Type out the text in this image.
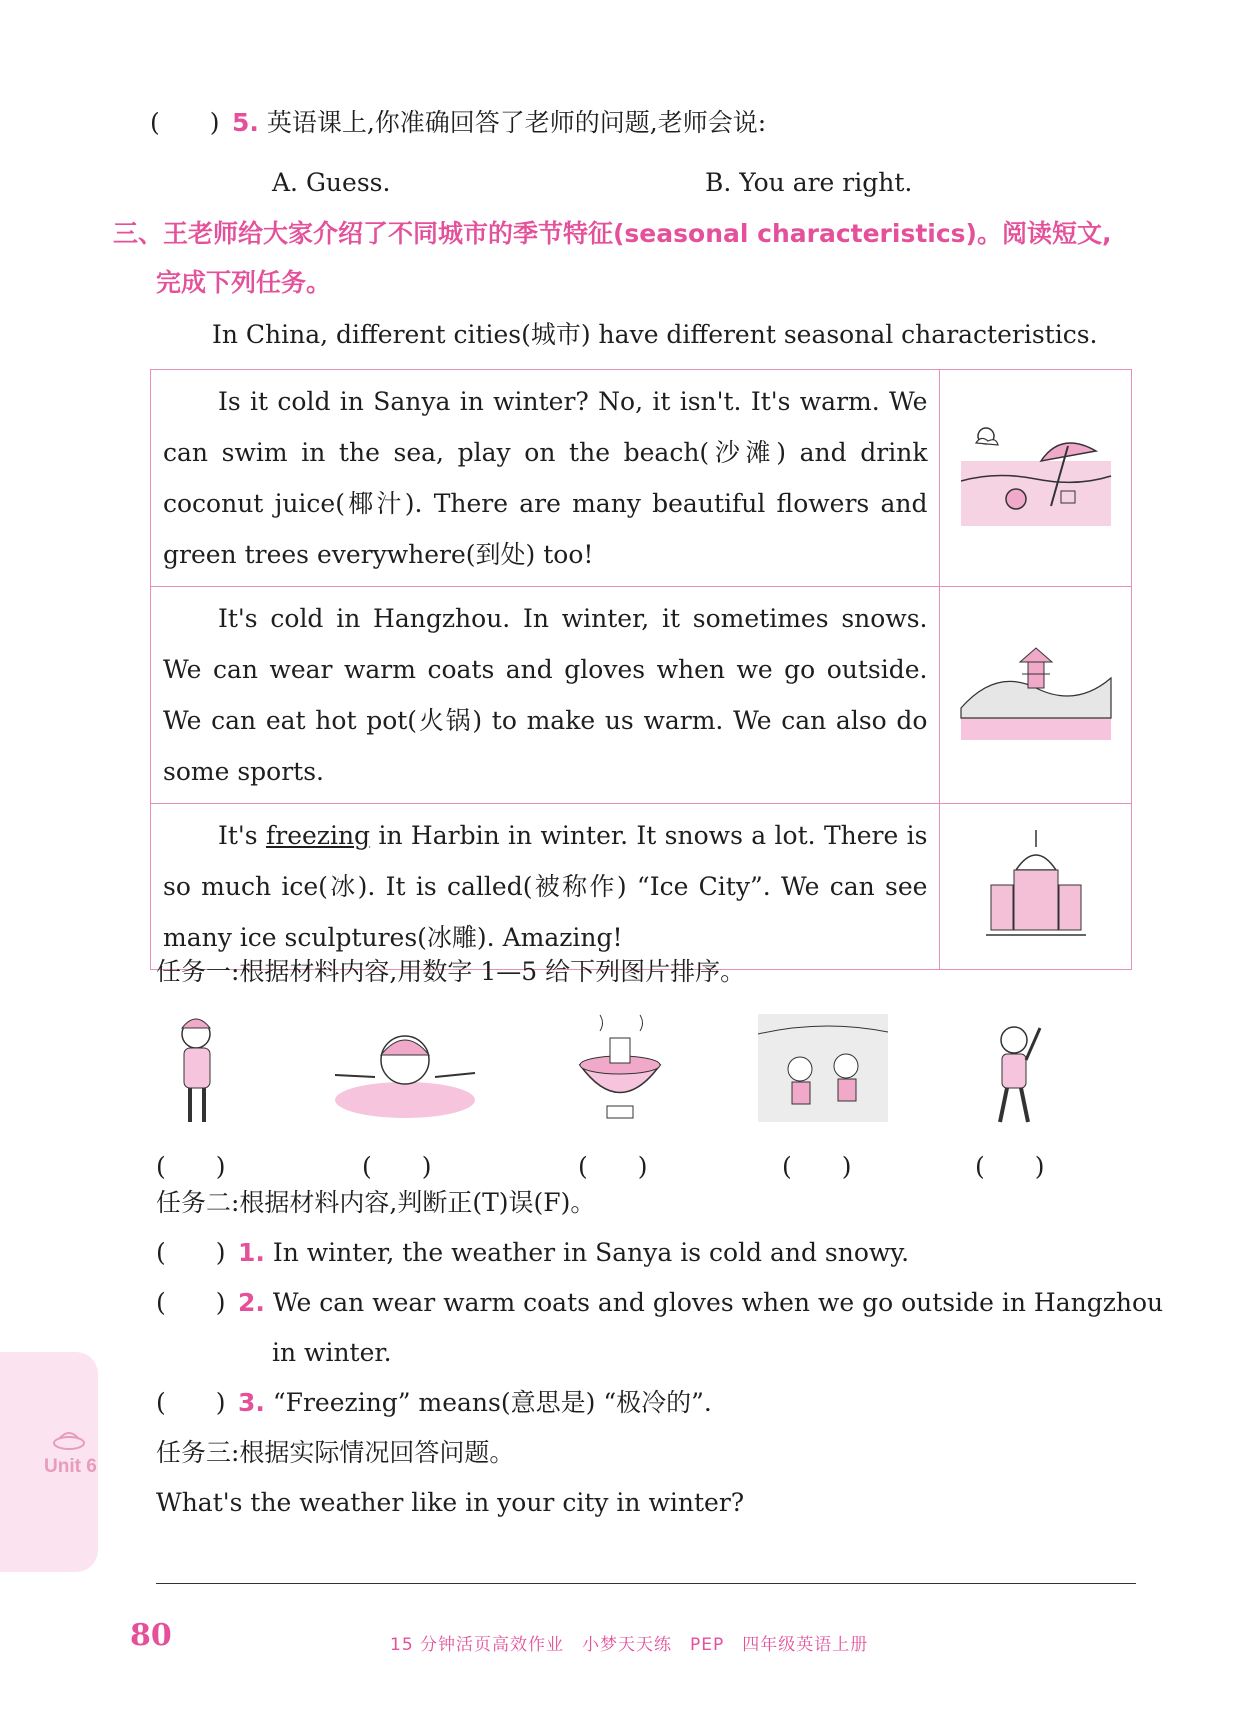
(　　) 5. 英语课上,你准确回答了老师的问题,老师会说:
A. Guess.	B. You are right.
三、王老师给大家介绍了不同城市的季节特征(seasonal characteristics)。阅读短文,
完成下列任务。
In China, different cities(城市) have different seasonal characteristics.
Is it cold in Sanya in winter? No, it isn't. It's warm. We can swim in the sea, play on the beach(沙滩) and drink coconut juice(椰汁). There are many beautiful flowers and green trees everywhere(到处) too!	
It's cold in Hangzhou. In winter, it sometimes snows. We can wear warm coats and gloves when we go outside. We can eat hot pot(火锅) to make us warm. We can also do some sports.	
It's freezing in Harbin in winter. It snows a lot. There is so much ice(冰). It is called(被称作) “Ice City”. We can see many ice sculptures(冰雕). Amazing!	
任务一:根据材料内容,用数字 1—5 给下列图片排序。
(　　)	(　　)	(　　)	(　　)	(　　)
任务二:根据材料内容,判断正(T)误(F)。
(　　) 1. In winter, the weather in Sanya is cold and snowy.
(　　) 2. We can wear warm coats and gloves when we go outside in Hangzhou
in winter.
(　　) 3. “Freezing” means(意思是) “极冷的”.
任务三:根据实际情况回答问题。
What's the weather like in your city in winter?
Unit 6
80	15 分钟活页高效作业　小梦天天练　PEP　四年级英语上册
